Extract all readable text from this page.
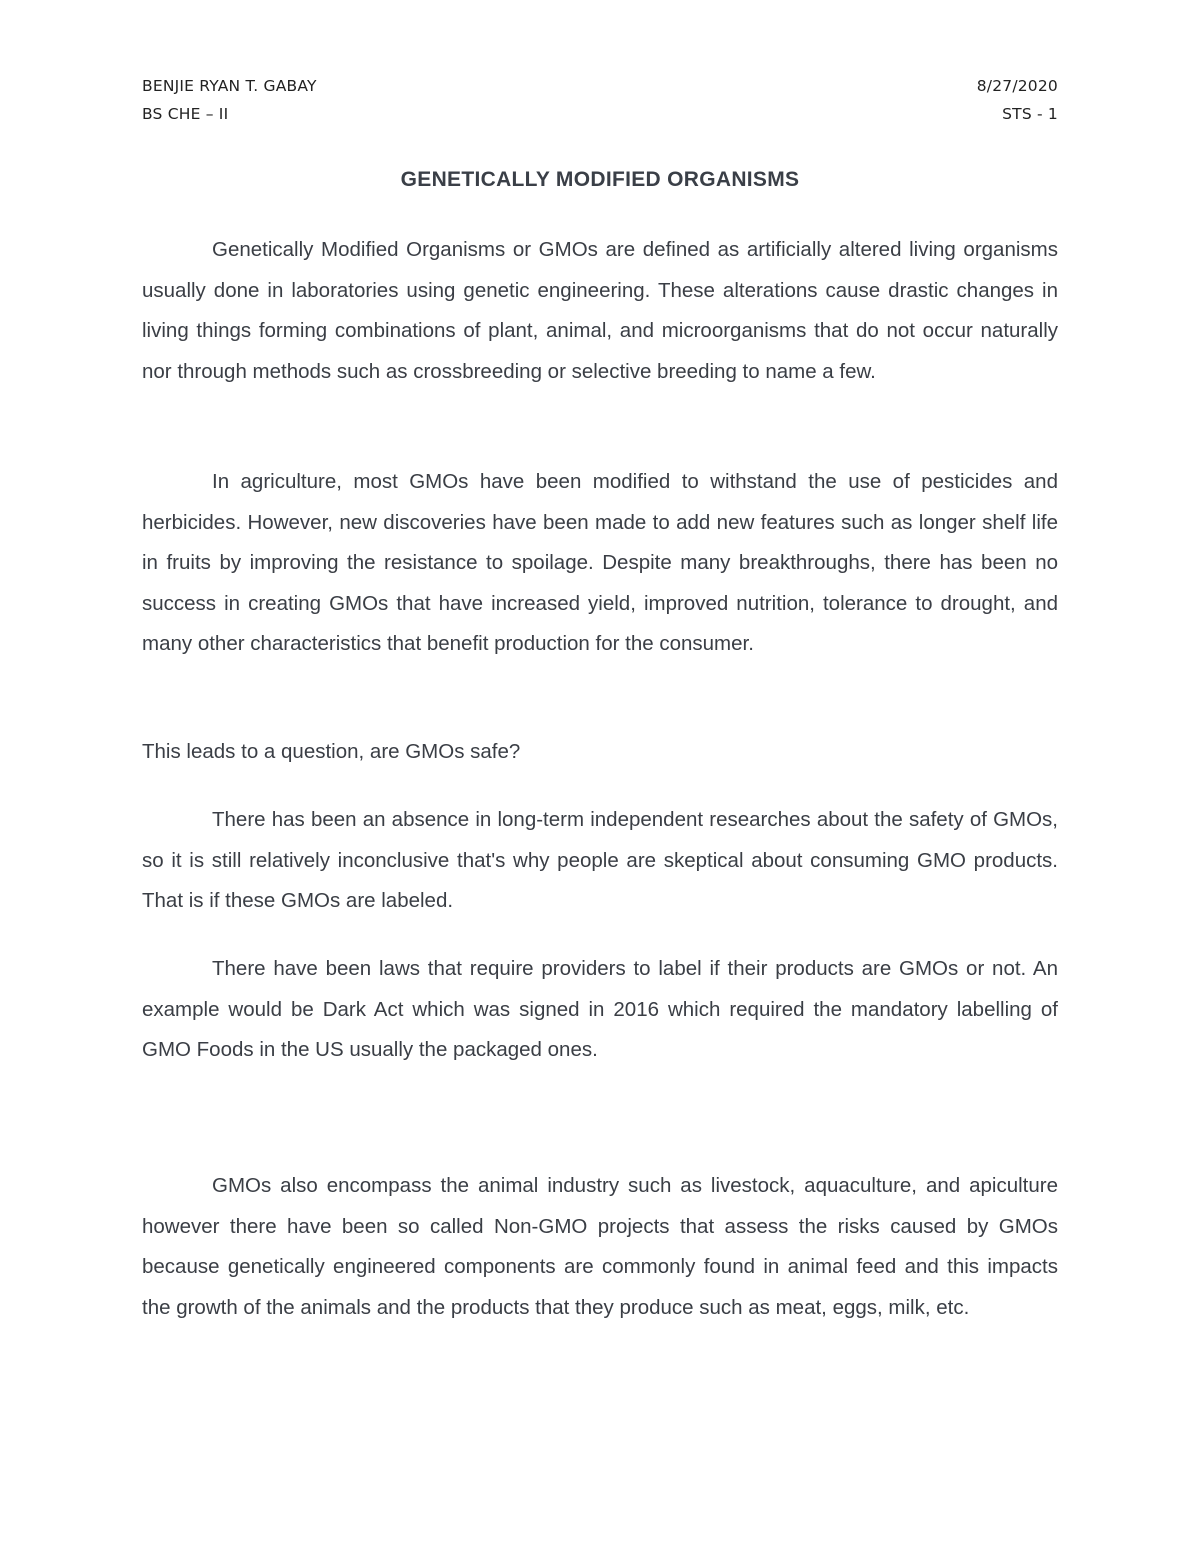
BENJIE RYAN T. GABAY	8/27/2020
BS CHE – II	STS - 1
GENETICALLY MODIFIED ORGANISMS

Genetically Modified Organisms or GMOs are defined as artificially altered living organisms usually done in laboratories using genetic engineering. These alterations cause drastic changes in living things forming combinations of plant, animal, and microorganisms that do not occur naturally nor through methods such as crossbreeding or selective breeding to name a few.

In agriculture, most GMOs have been modified to withstand the use of pesticides and herbicides. However, new discoveries have been made to add new features such as longer shelf life in fruits by improving the resistance to spoilage. Despite many breakthroughs, there has been no success in creating GMOs that have increased yield, improved nutrition, tolerance to drought, and many other characteristics that benefit production for the consumer.

This leads to a question, are GMOs safe?

There has been an absence in long-term independent researches about the safety of GMOs, so it is still relatively inconclusive that's why people are skeptical about consuming GMO products. That is if these GMOs are labeled.

There have been laws that require providers to label if their products are GMOs or not. An example would be Dark Act which was signed in 2016 which required the mandatory labelling of GMO Foods in the US usually the packaged ones.

GMOs also encompass the animal industry such as livestock, aquaculture, and apiculture however there have been so called Non-GMO projects that assess the risks caused by GMOs because genetically engineered components are commonly found in animal feed and this impacts the growth of the animals and the products that they produce such as meat, eggs, milk, etc.
